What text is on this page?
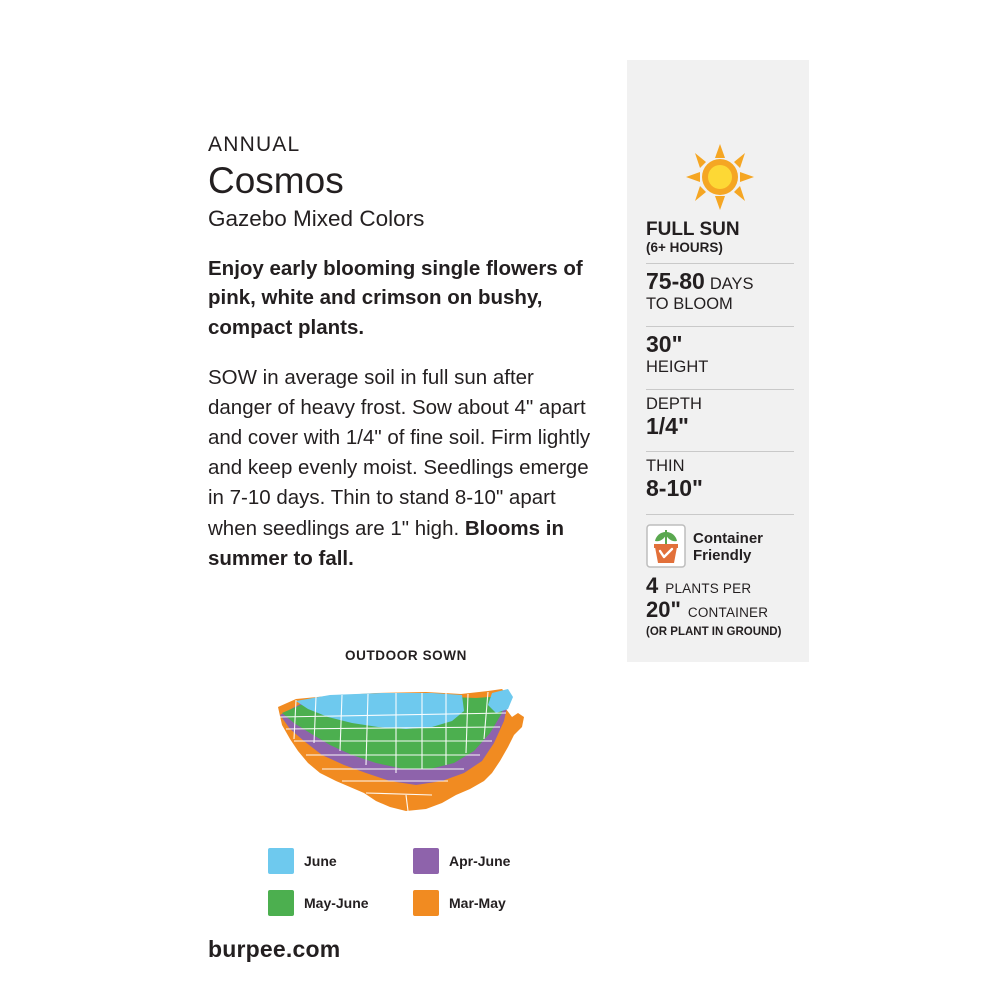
ANNUAL
Cosmos
Gazebo Mixed Colors
Enjoy early blooming single flowers of pink, white and crimson on bushy, compact plants.
SOW in average soil in full sun after danger of heavy frost. Sow about 4" apart and cover with 1/4" of fine soil. Firm lightly and keep evenly moist. Seedlings emerge in 7-10 days. Thin to stand 8-10" apart when seedlings are 1" high. Blooms in summer to fall.
OUTDOOR SOWN
June	Apr-June
May-June	Mar-May
burpee.com
FULL SUN
(6+ HOURS)
75-80 DAYS
TO BLOOM
30"
HEIGHT
DEPTH
1/4"
THIN
8-10"
Container
Friendly
4 PLANTS PER
20" CONTAINER
(OR PLANT IN GROUND)
